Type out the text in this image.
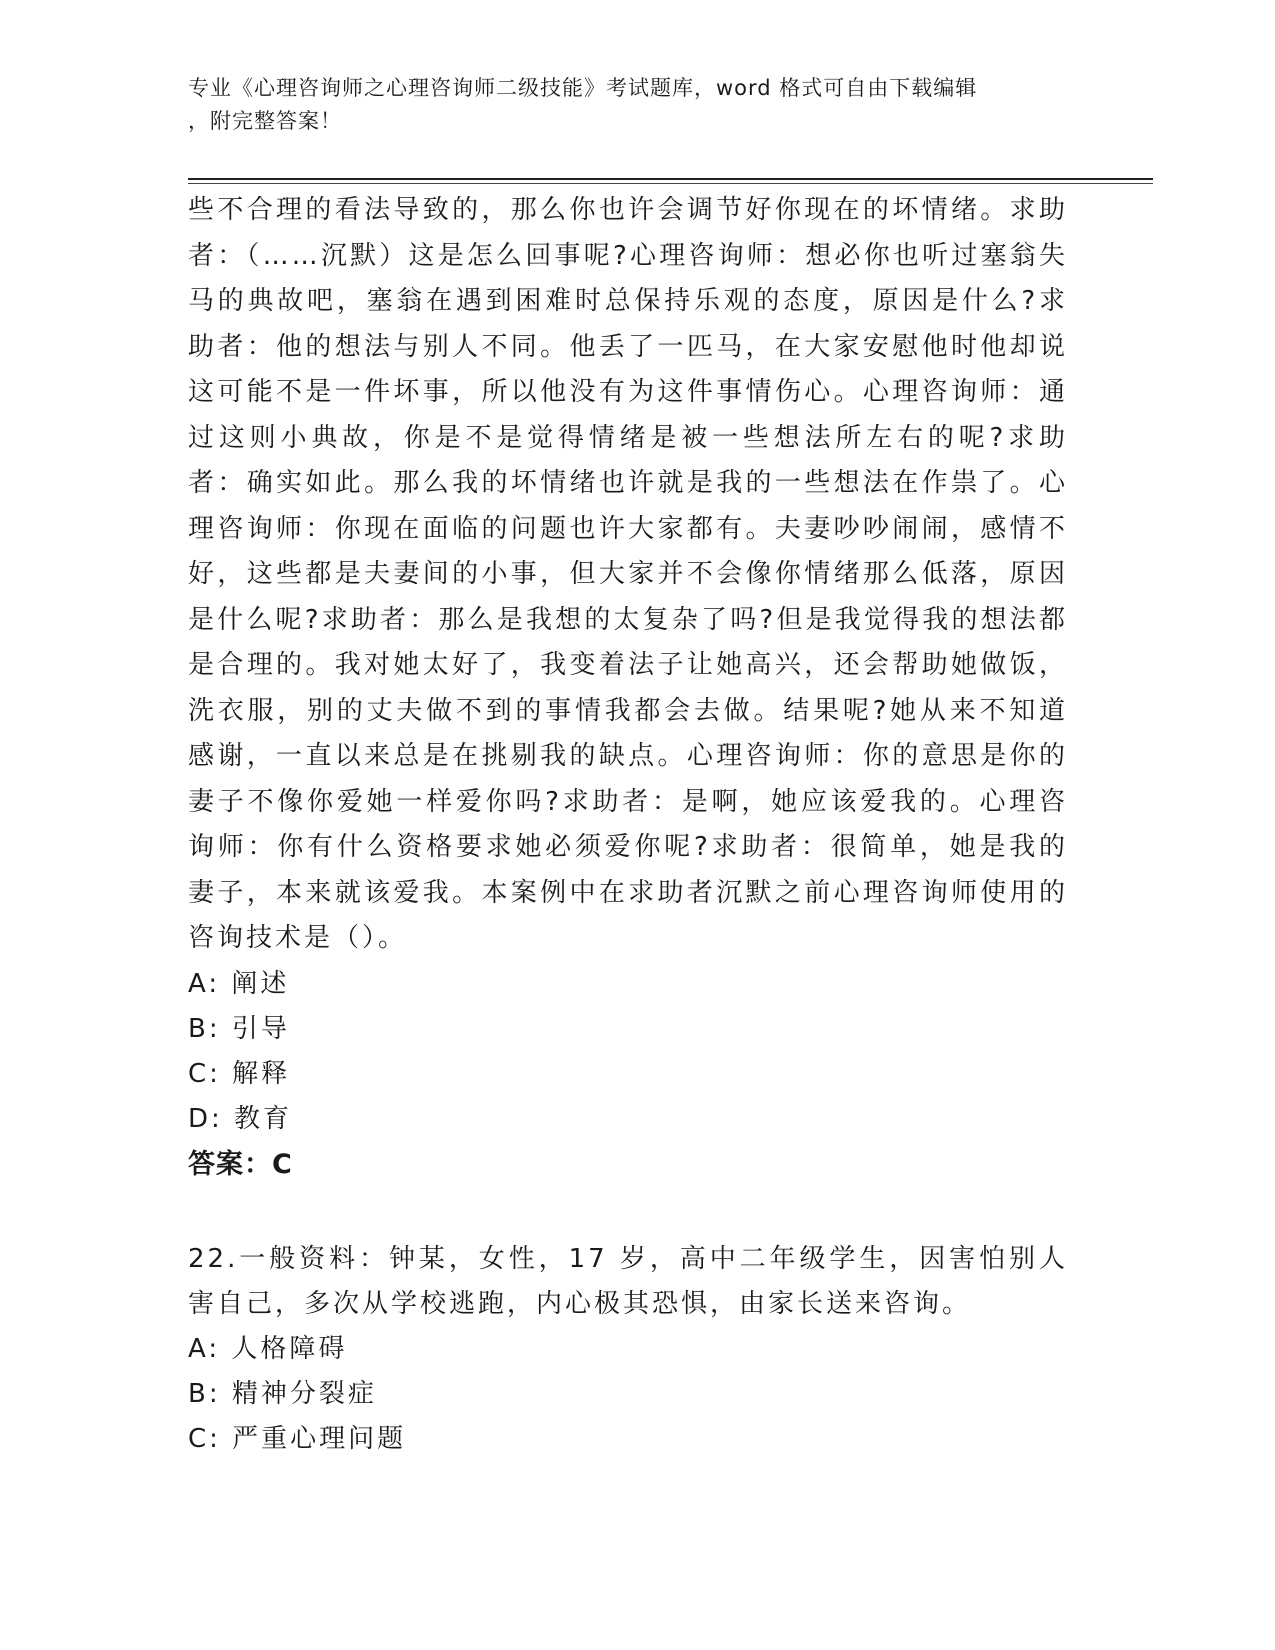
专业《心理咨询师之心理咨询师二级技能》考试题库，word 格式可自由下载编辑
，附完整答案！

些不合理的看法导致的，那么你也许会调节好你现在的坏情绪。求助者：（……沉默）这是怎么回事呢?心理咨询师：想必你也听过塞翁失马的典故吧，塞翁在遇到困难时总保持乐观的态度，原因是什么?求助者：他的想法与别人不同。他丢了一匹马，在大家安慰他时他却说这可能不是一件坏事，所以他没有为这件事情伤心。心理咨询师：通过这则小典故，你是不是觉得情绪是被一些想法所左右的呢?求助者：确实如此。那么我的坏情绪也许就是我的一些想法在作祟了。心理咨询师：你现在面临的问题也许大家都有。夫妻吵吵闹闹，感情不好，这些都是夫妻间的小事，但大家并不会像你情绪那么低落，原因是什么呢?求助者：那么是我想的太复杂了吗?但是我觉得我的想法都是合理的。我对她太好了，我变着法子让她高兴，还会帮助她做饭，洗衣服，别的丈夫做不到的事情我都会去做。结果呢?她从来不知道感谢，一直以来总是在挑剔我的缺点。心理咨询师：你的意思是你的妻子不像你爱她一样爱你吗?求助者：是啊，她应该爱我的。心理咨询师：你有什么资格要求她必须爱你呢?求助者：很简单，她是我的妻子，本来就该爱我。本案例中在求助者沉默之前心理咨询师使用的咨询技术是（）。

A: 阐述

B: 引导

C: 解释

D: 教育

答案：C

22.一般资料：钟某，女性，17 岁，高中二年级学生，因害怕别人害自己，多次从学校逃跑，内心极其恐惧，由家长送来咨询。

A: 人格障碍

B: 精神分裂症

C: 严重心理问题
